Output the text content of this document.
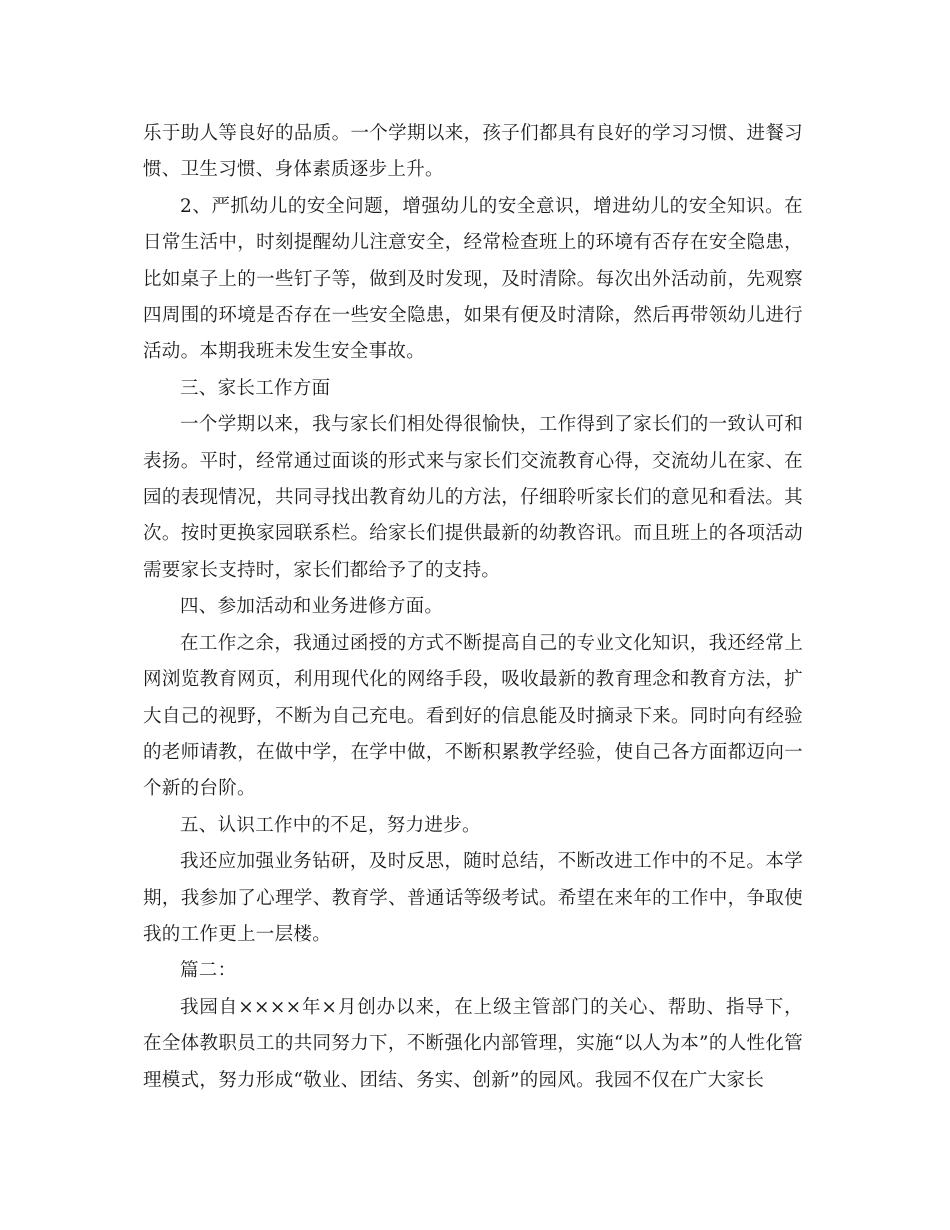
乐于助人等良好的品质。一个学期以来，孩子们都具有良好的学习习惯、进餐习惯、卫生习惯、身体素质逐步上升。

2、严抓幼儿的安全问题，增强幼儿的安全意识，增进幼儿的安全知识。在日常生活中，时刻提醒幼儿注意安全，经常检查班上的环境有否存在安全隐患，比如桌子上的一些钉子等，做到及时发现，及时清除。每次出外活动前，先观察四周围的环境是否存在一些安全隐患，如果有便及时清除，然后再带领幼儿进行活动。本期我班未发生安全事故。

三、家长工作方面

一个学期以来，我与家长们相处得很愉快，工作得到了家长们的一致认可和表扬。平时，经常通过面谈的形式来与家长们交流教育心得，交流幼儿在家、在园的表现情况，共同寻找出教育幼儿的方法，仔细聆听家长们的意见和看法。其次。按时更换家园联系栏。给家长们提供最新的幼教咨讯。而且班上的各项活动需要家长支持时，家长们都给予了的支持。

四、参加活动和业务进修方面。

在工作之余，我通过函授的方式不断提高自己的专业文化知识，我还经常上网浏览教育网页，利用现代化的网络手段，吸收最新的教育理念和教育方法，扩大自己的视野，不断为自己充电。看到好的信息能及时摘录下来。同时向有经验的老师请教，在做中学，在学中做，不断积累教学经验，使自己各方面都迈向一个新的台阶。

五、认识工作中的不足，努力进步。

我还应加强业务钻研，及时反思，随时总结，不断改进工作中的不足。本学期，我参加了心理学、教育学、普通话等级考试。希望在来年的工作中，争取使我的工作更上一层楼。

篇二：

我园自××××年×月创办以来，在上级主管部门的关心、帮助、指导下，在全体教职员工的共同努力下，不断强化内部管理，实施“以人为本”的人性化管理模式，努力形成“敬业、团结、务实、创新”的园风。我园不仅在广大家长
